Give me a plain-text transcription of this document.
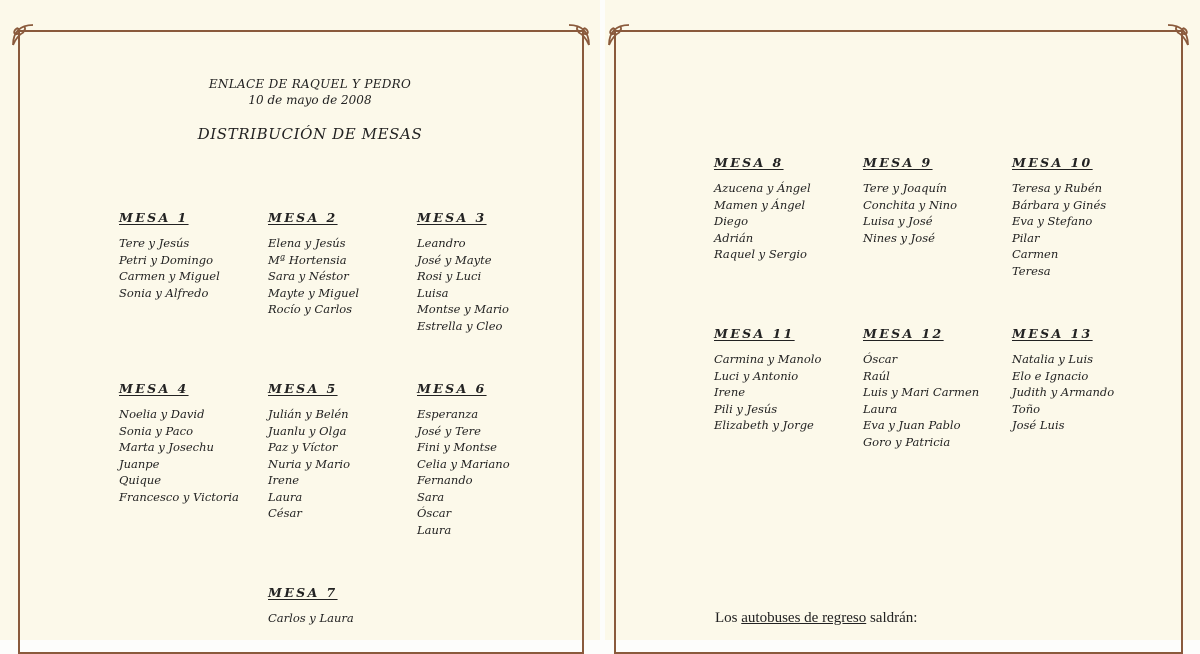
ENLACE DE RAQUEL Y PEDRO
10 de mayo de 2008
DISTRIBUCIÓN DE MESAS
MESA 1
Tere y Jesús
Petri y Domingo
Carmen y Miguel
Sonia y Alfredo
MESA 2
Elena y Jesús
Mª Hortensia
Sara y Néstor
Mayte y Miguel
Rocío y Carlos
MESA 3
Leandro
José y Mayte
Rosi y Luci
Luisa
Montse y Mario
Estrella y Cleo
MESA 4
Noelia y David
Sonia y Paco
Marta y Josechu
Juanpe
Quique
Francesco y Victoria
MESA 5
Julián y Belén
Juanlu y Olga
Paz y Víctor
Nuria y Mario
Irene
Laura
César
MESA 6
Esperanza
José y Tere
Fini y Montse
Celia y Mariano
Fernando
Sara
Óscar
Laura
MESA 7
Carlos y Laura
MESA 8
Azucena y Ángel
Mamen y Ángel
Diego
Adrián
Raquel y Sergio
MESA 9
Tere y Joaquín
Conchita y Nino
Luisa y José
Nines y José
MESA 10
Teresa y Rubén
Bárbara y Ginés
Eva y Stefano
Pilar
Carmen
Teresa
MESA 11
Carmina y Manolo
Luci y Antonio
Irene
Pili y Jesús
Elizabeth y Jorge
MESA 12
Óscar
Raúl
Luis y Mari Carmen
Laura
Eva y Juan Pablo
Goro y Patricia
MESA 13
Natalia y Luis
Elo e Ignacio
Judith y Armando
Toño
José Luis
Los autobuses de regreso saldrán:
